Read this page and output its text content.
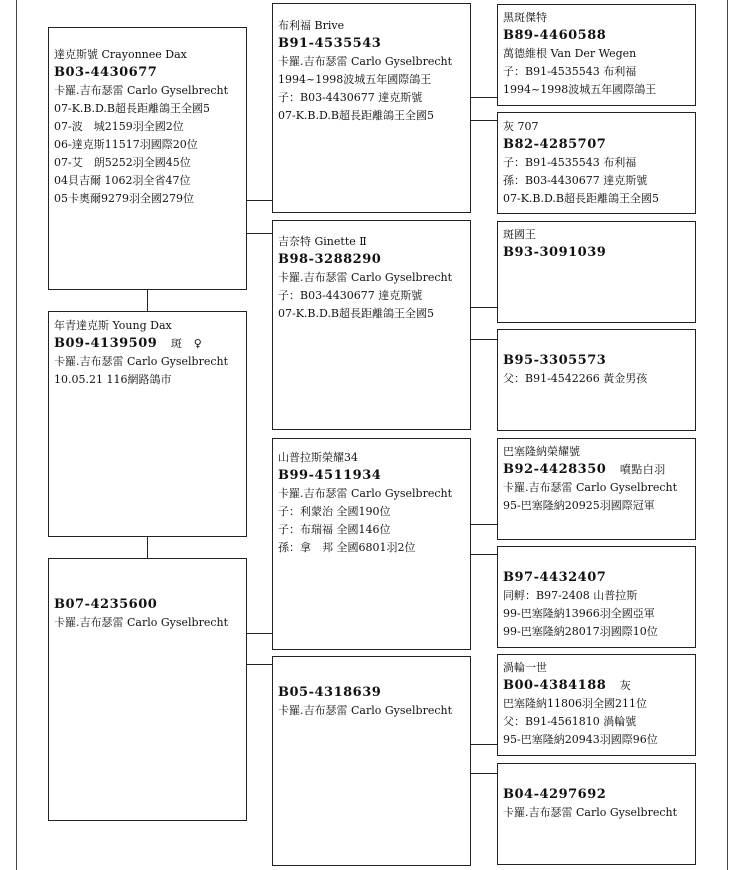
達克斯號 Crayonnee Dax
B03-4430677
卡羅.吉布瑟雷 Carlo Gyselbrecht
07-K.B.D.B超長距離鴿王全國5
07-波　城2159羽全國2位
06-達克斯11517羽國際20位
07-艾　朗5252羽全國45位
04貝吉爾 1062羽全省47位
05卡奧爾9279羽全國279位
年青達克斯 Young Dax
B09-4139509　 斑　♀
卡羅.吉布瑟雷 Carlo Gyselbrecht
10.05.21 116網路鴿市
B07-4235600
卡羅.吉布瑟雷 Carlo Gyselbrecht
布利福 Brive
B91-4535543
卡羅.吉布瑟雷 Carlo Gyselbrecht
1994~1998波城五年國際鴿王
子：B03-4430677 達克斯號
07-K.B.D.B超長距離鴿王全國5
吉奈特 Ginette Ⅱ
B98-3288290
卡羅.吉布瑟雷 Carlo Gyselbrecht
子：B03-4430677 達克斯號
07-K.B.D.B超長距離鴿王全國5
山普拉斯榮耀34
B99-4511934
卡羅.吉布瑟雷 Carlo Gyselbrecht
子：利蒙治 全國190位
子：布瑞福 全國146位
孫：拿　邦 全國6801羽2位
B05-4318639
卡羅.吉布瑟雷 Carlo Gyselbrecht
黑斑傑特
B89-4460588
萬德維根 Van Der Wegen
子：B91-4535543 布利福
1994~1998波城五年國際鴿王
灰 707
B82-4285707
子：B91-4535543 布利福
孫：B03-4430677 達克斯號
07-K.B.D.B超長距離鴿王全國5
斑國王
B93-3091039
B95-3305573
父：B91-4542266 黃金男孩
巴塞隆納榮耀號
B92-4428350　 噴點白羽
卡羅.吉布瑟雷 Carlo Gyselbrecht
95-巴塞隆納20925羽國際冠軍
B97-4432407
同孵：B97-2408 山普拉斯
99-巴塞隆納13966羽全國亞軍
99-巴塞隆納28017羽國際10位
渦輪一世
B00-4384188　 灰
巴塞隆納11806羽全國211位
父：B91-4561810 渦輪號
95-巴塞隆納20943羽國際96位
B04-4297692
卡羅.吉布瑟雷 Carlo Gyselbrecht
